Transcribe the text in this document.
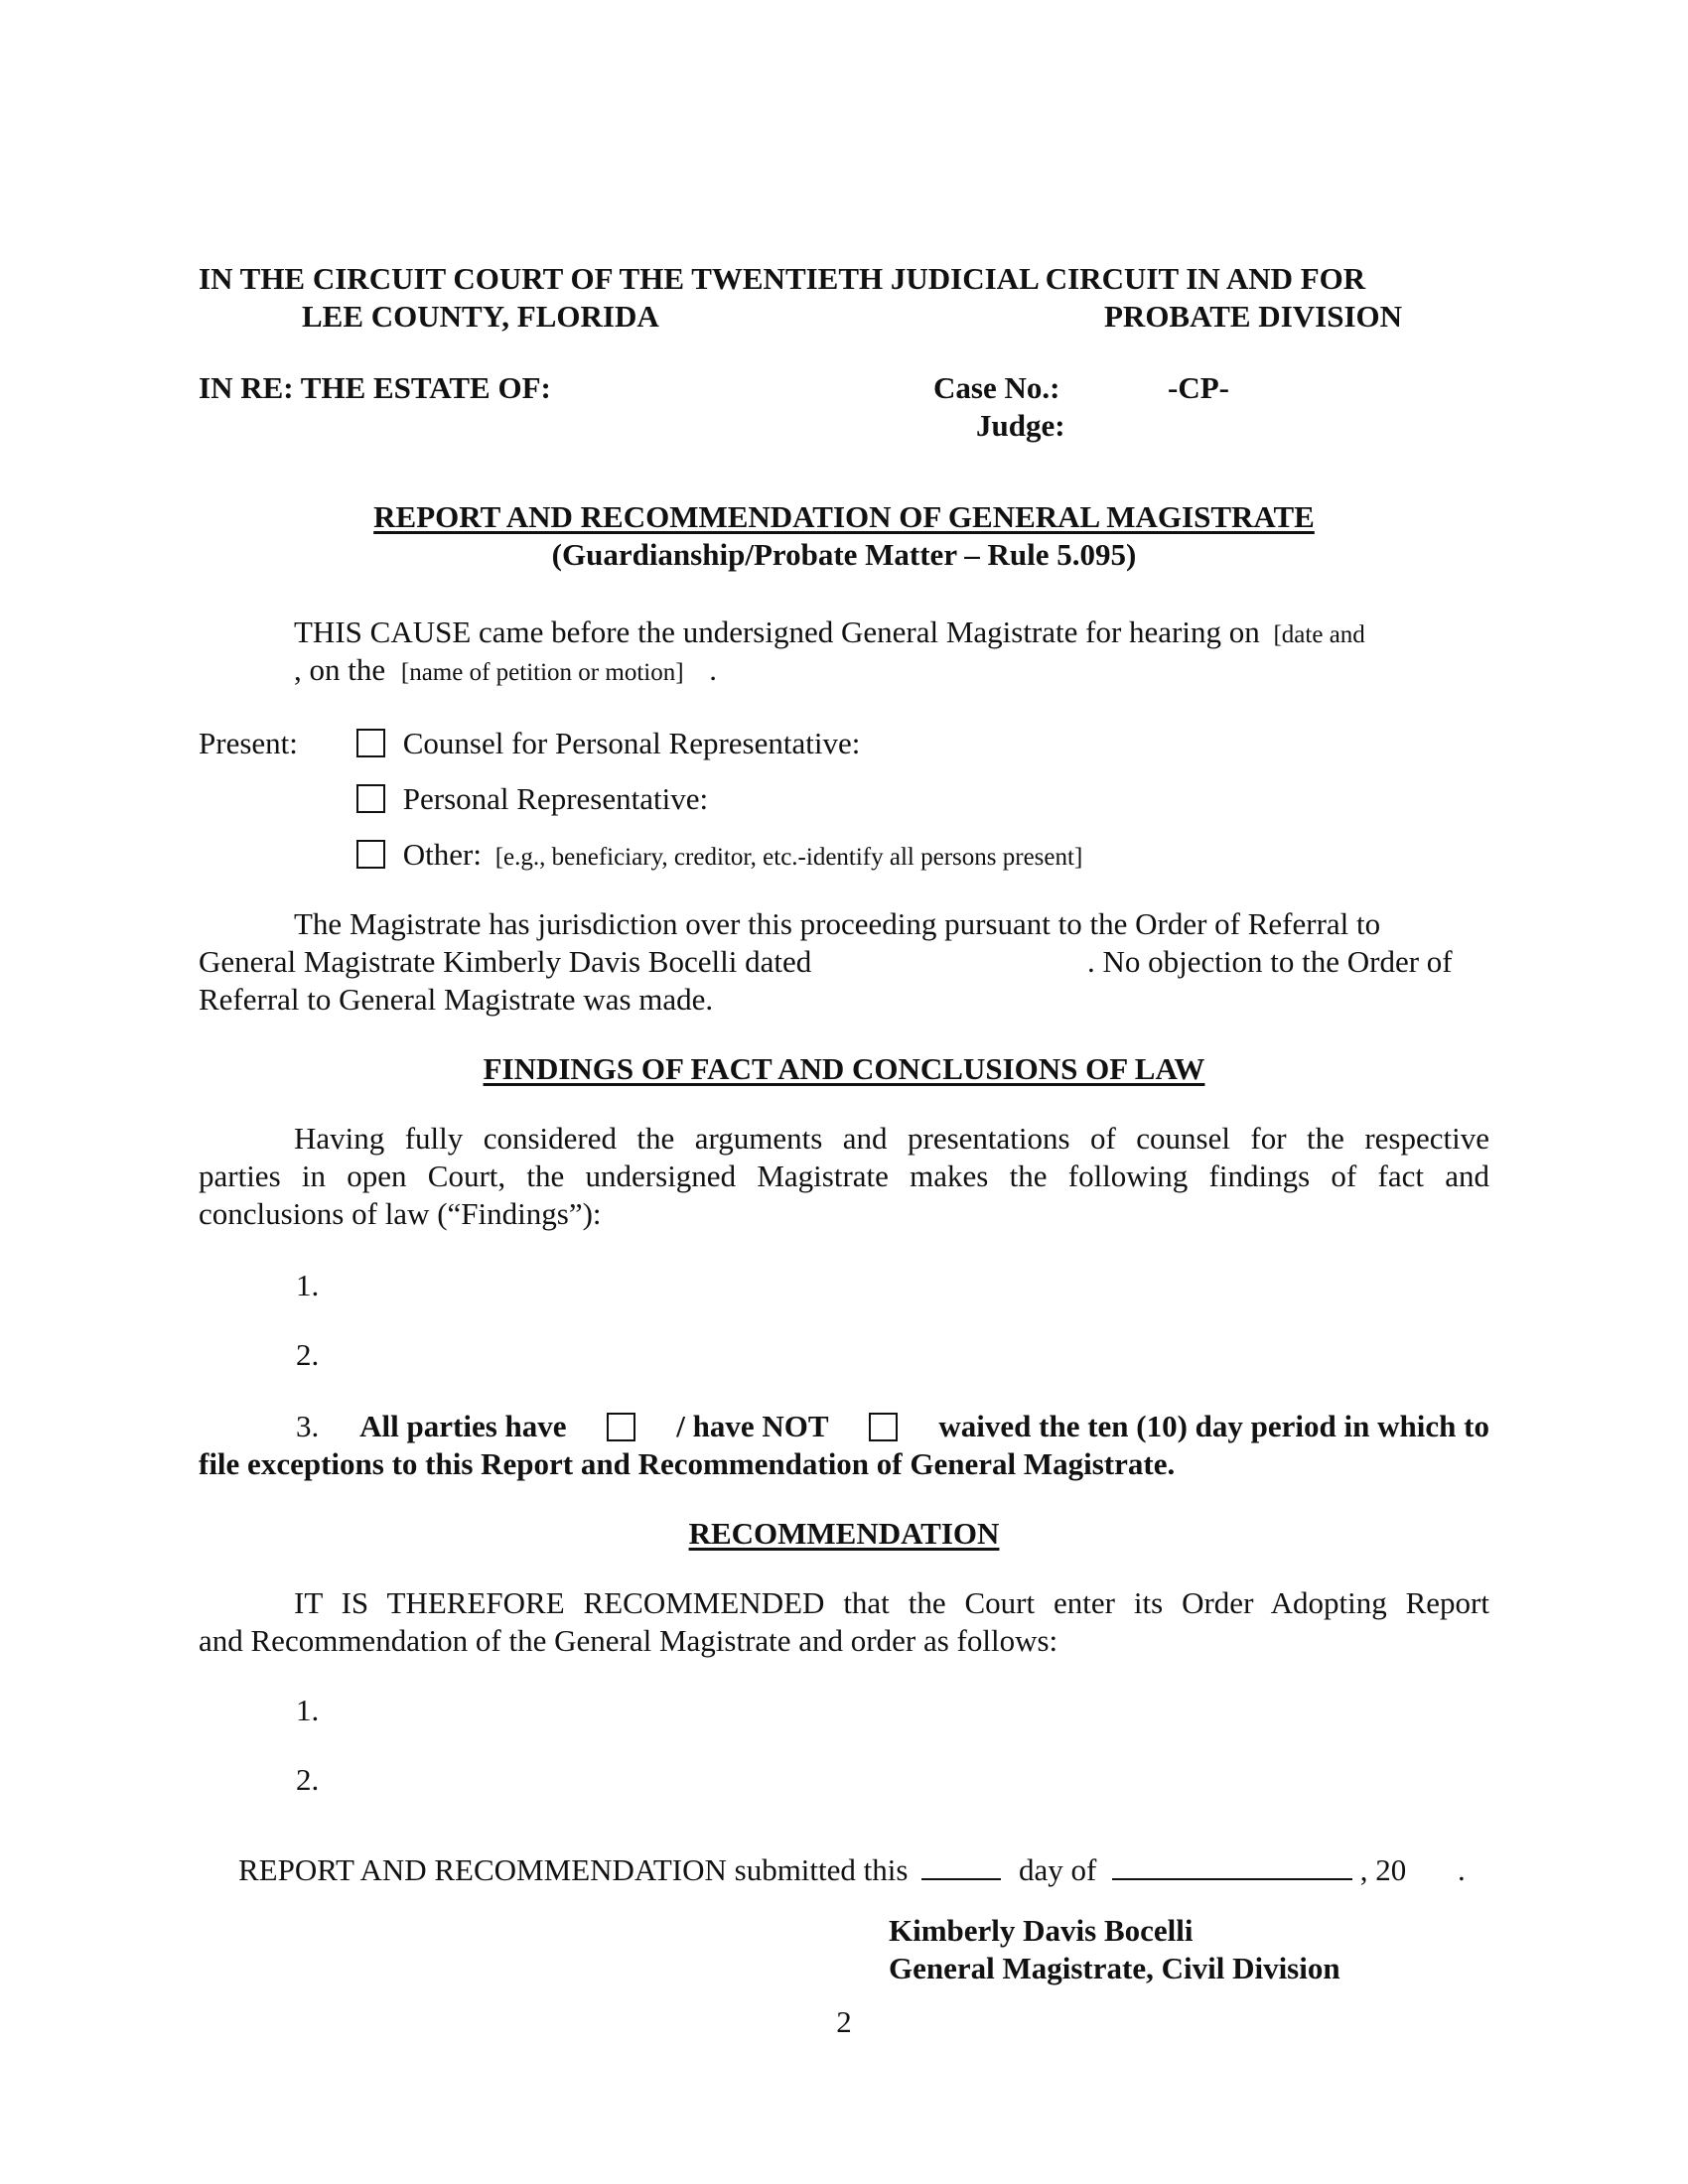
IN THE CIRCUIT COURT OF THE TWENTIETH JUDICIAL CIRCUIT IN AND FOR
LEE COUNTY, FLORIDA	PROBATE DIVISION
IN RE: THE ESTATE OF:	Case No.:	-CP-
Judge:
REPORT AND RECOMMENDATION OF GENERAL MAGISTRATE
(Guardianship/Probate Matter – Rule 5.095)
THIS CAUSE came before the undersigned General Magistrate for hearing on [date and
, on the [name of petition or motion] .
Present:	Counsel for Personal Representative:
Personal Representative:
Other: [e.g., beneficiary, creditor, etc.-identify all persons present]
The Magistrate has jurisdiction over this proceeding pursuant to the Order of Referral to
General Magistrate Kimberly Davis Bocelli dated	. No objection to the Order of
Referral to General Magistrate was made.
FINDINGS OF FACT AND CONCLUSIONS OF LAW
Having fully considered the arguments and presentations of counsel for the respective
parties in open Court, the undersigned Magistrate makes the following findings of fact and
conclusions of law (“Findings”):
1.
2.
3. All parties have	/ have NOT	waived the ten (10) day period in which to
file exceptions to this Report and Recommendation of General Magistrate.
RECOMMENDATION
IT IS THEREFORE RECOMMENDED that the Court enter its Order Adopting Report
and Recommendation of the General Magistrate and order as follows:
1.
2.
REPORT AND RECOMMENDATION submitted this	day of	, 20 .
Kimberly Davis Bocelli
General Magistrate, Civil Division
2
